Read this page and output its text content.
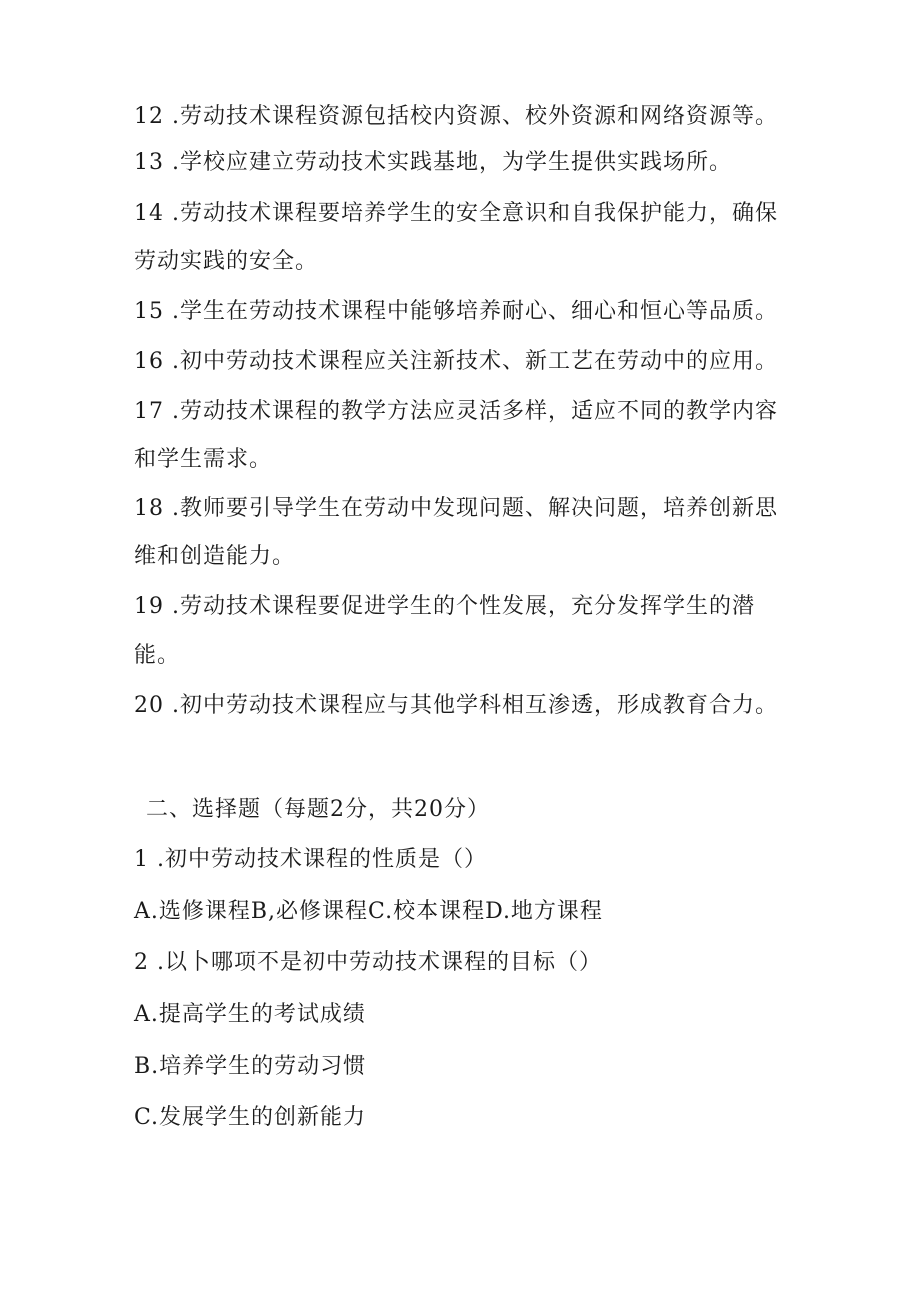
12 .劳动技术课程资源包括校内资源、校外资源和网络资源等。
13 .学校应建立劳动技术实践基地，为学生提供实践场所。
14 .劳动技术课程要培养学生的安全意识和自我保护能力，确保
劳动实践的安全。
15 .学生在劳动技术课程中能够培养耐心、细心和恒心等品质。
16 .初中劳动技术课程应关注新技术、新工艺在劳动中的应用。
17 .劳动技术课程的教学方法应灵活多样，适应不同的教学内容
和学生需求。
18 .教师要引导学生在劳动中发现问题、解决问题，培养创新思
维和创造能力。
19 .劳动技术课程要促进学生的个性发展，充分发挥学生的潜
能。
20 .初中劳动技术课程应与其他学科相互渗透，形成教育合力。
二、选择题（每题2分，共20分）
1 .初中劳动技术课程的性质是（）
A.选修课程B,必修课程C.校本课程D.地方课程
2 .以卜哪项不是初中劳动技术课程的目标（）
A.提高学生的考试成绩
B.培养学生的劳动习惯
C.发展学生的创新能力
